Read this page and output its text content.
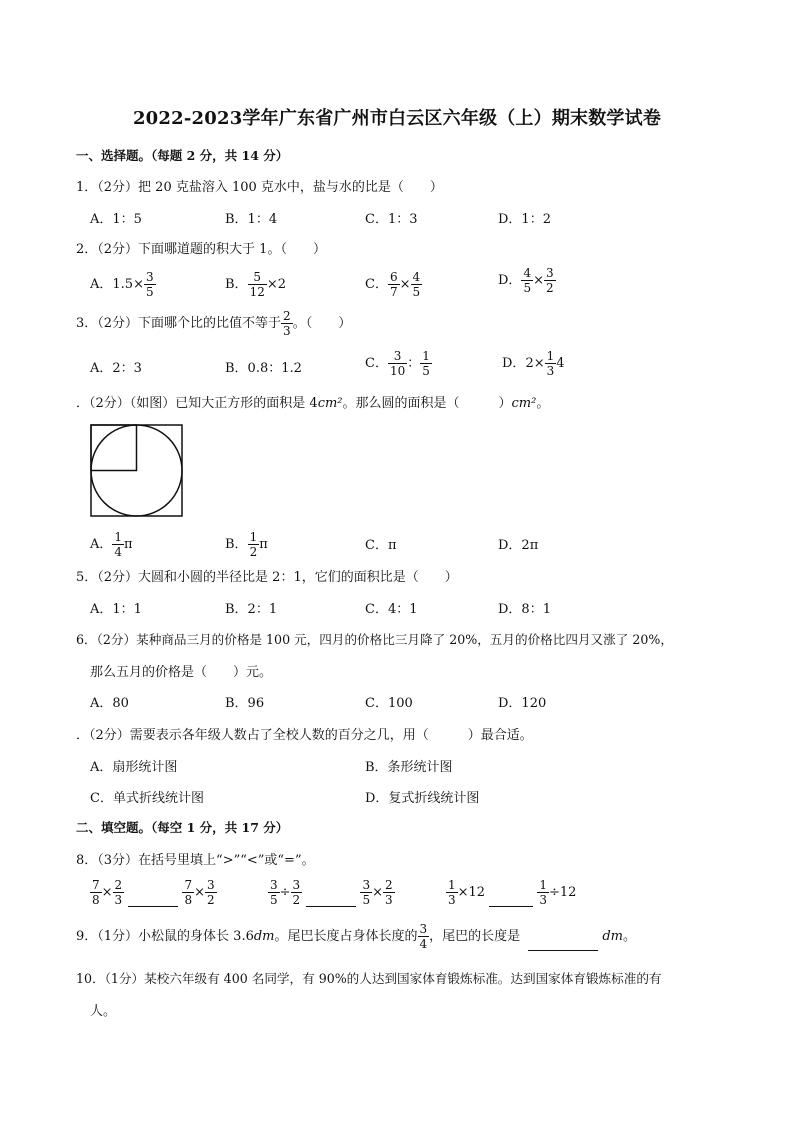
2022-2023学年广东省广州市白云区六年级（上）期末数学试卷
一、选择题。（每题 2 分，共 14 分）
1．（2分）把 20 克盐溶入 100 克水中，盐与水的比是（　　）
A．1：5	B．1：4	C．1：3	D．1：2
2．（2分）下面哪道题的积大于 1。（　　）
A．$1.5\times \frac{3}{5}$	B． $\frac{5}{12} \times 2$	C． $\frac{6}{7} \times \frac{4}{5}$	D． $\frac{4}{5} \times \frac{3}{2}$
3．（2分）下面哪个比的比值不等于 $\frac{2}{3}$ 。（　　）
A．2：3	B．0.8：1.2	C． $\frac{3}{10}$ ： $\frac{1}{5}$	D．$2\times \frac{1}{3} 4$
．（2分）（如图）已知大正方形的面积是 4cm²。那么圆的面积是（　　　）cm²。
A． $\frac{1}{4}$ π	B． $\frac{1}{2}$ π	C．π	D．2π
5．（2分）大圆和小圆的半径比是 2：1，它们的面积比是（　　）
A．1：1	B．2：1	C．4：1	D．8：1
6．（2分）某种商品三月的价格是 100 元，四月的价格比三月降了 20%，五月的价格比四月又涨了 20%，
那么五月的价格是（　　）元。
A．80	B．96	C．100	D．120
．（2分）需要表示各年级人数占了全校人数的百分之几，用（　　　）最合适。
A．扇形统计图	B．条形统计图
C．单式折线统计图	D．复式折线统计图
二、填空题。（每空 1 分，共 17 分）
8．（3分）在括号里填上“>”“<”或“=”。
$\frac{7}{8} \times \frac{2}{3}$
	$\frac{7}{8} \times \frac{3}{2}$	$\frac{3}{5} \div \frac{3}{2}$
	$\frac{3}{5} \times \frac{2}{3}$	$\frac{1}{3} \times 12$	$\frac{1}{3} \div 12$
9．（1分）小松鼠的身体长 3.6dm。尾巴长度占身体长度的 $\frac{3}{4}$ ，尾巴的长度是	dm。
10．（1分）某校六年级有 400 名同学，有 90%的人达到国家体育锻炼标准。达到国家体育锻炼标准的有
人。
